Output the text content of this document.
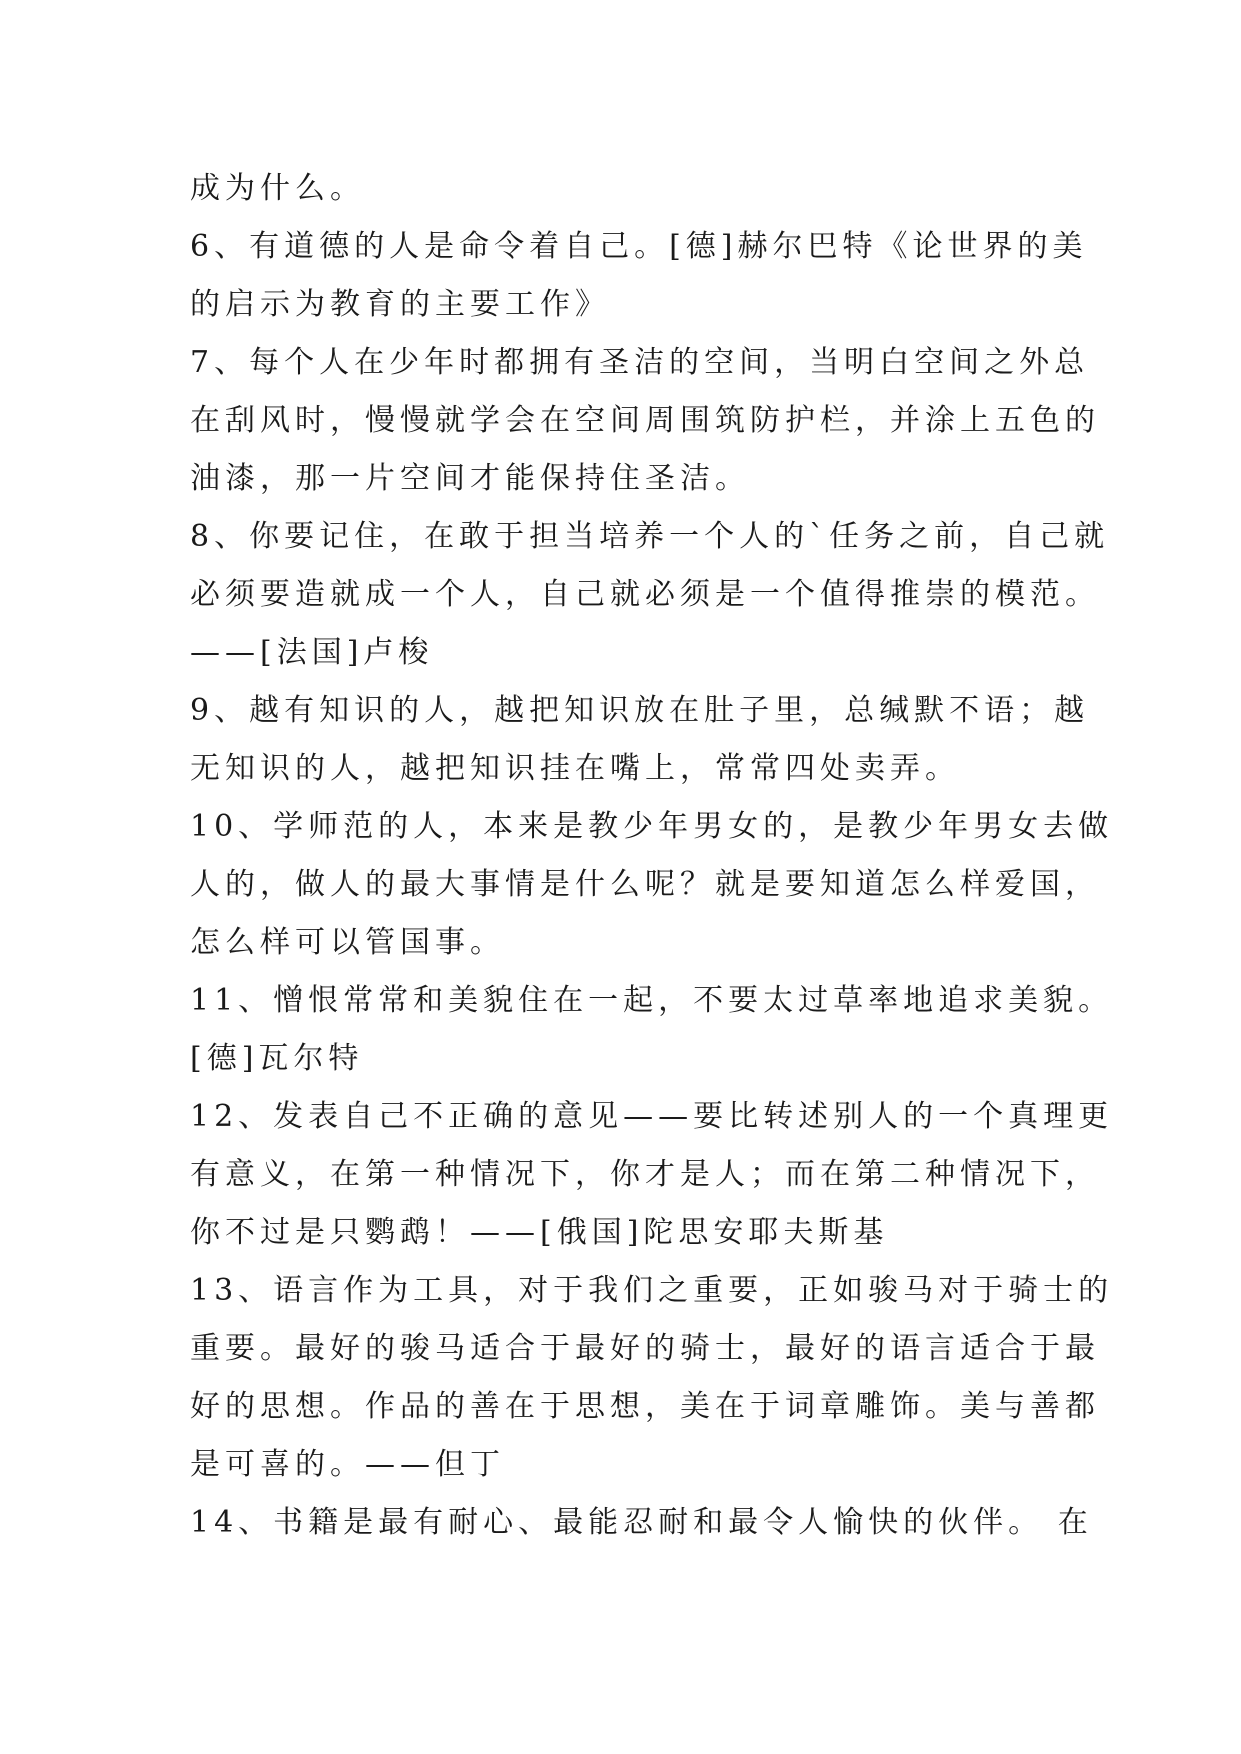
成为什么。

6、有道德的人是命令着自己。[德]赫尔巴特《论世界的美

的启示为教育的主要工作》

7、每个人在少年时都拥有圣洁的空间，当明白空间之外总

在刮风时，慢慢就学会在空间周围筑防护栏，并涂上五色的

油漆，那一片空间才能保持住圣洁。

8、你要记住，在敢于担当培养一个人的`任务之前，自己就

必须要造就成一个人，自己就必须是一个值得推崇的模范。

——[法国]卢梭

9、越有知识的人，越把知识放在肚子里，总缄默不语；越

无知识的人，越把知识挂在嘴上，常常四处卖弄。

10、学师范的人，本来是教少年男女的，是教少年男女去做

人的，做人的最大事情是什么呢？就是要知道怎么样爱国，

怎么样可以管国事。

11、憎恨常常和美貌住在一起，不要太过草率地追求美貌。

[德]瓦尔特

12、发表自己不正确的意见——要比转述别人的一个真理更

有意义，在第一种情况下，你才是人；而在第二种情况下，

你不过是只鹦鹉！——[俄国]陀思安耶夫斯基

13、语言作为工具，对于我们之重要，正如骏马对于骑士的

重要。最好的骏马适合于最好的骑士，最好的语言适合于最

好的思想。作品的善在于思想，美在于词章雕饰。美与善都

是可喜的。——但丁

14、书籍是最有耐心、最能忍耐和最令人愉快的伙伴。 在
